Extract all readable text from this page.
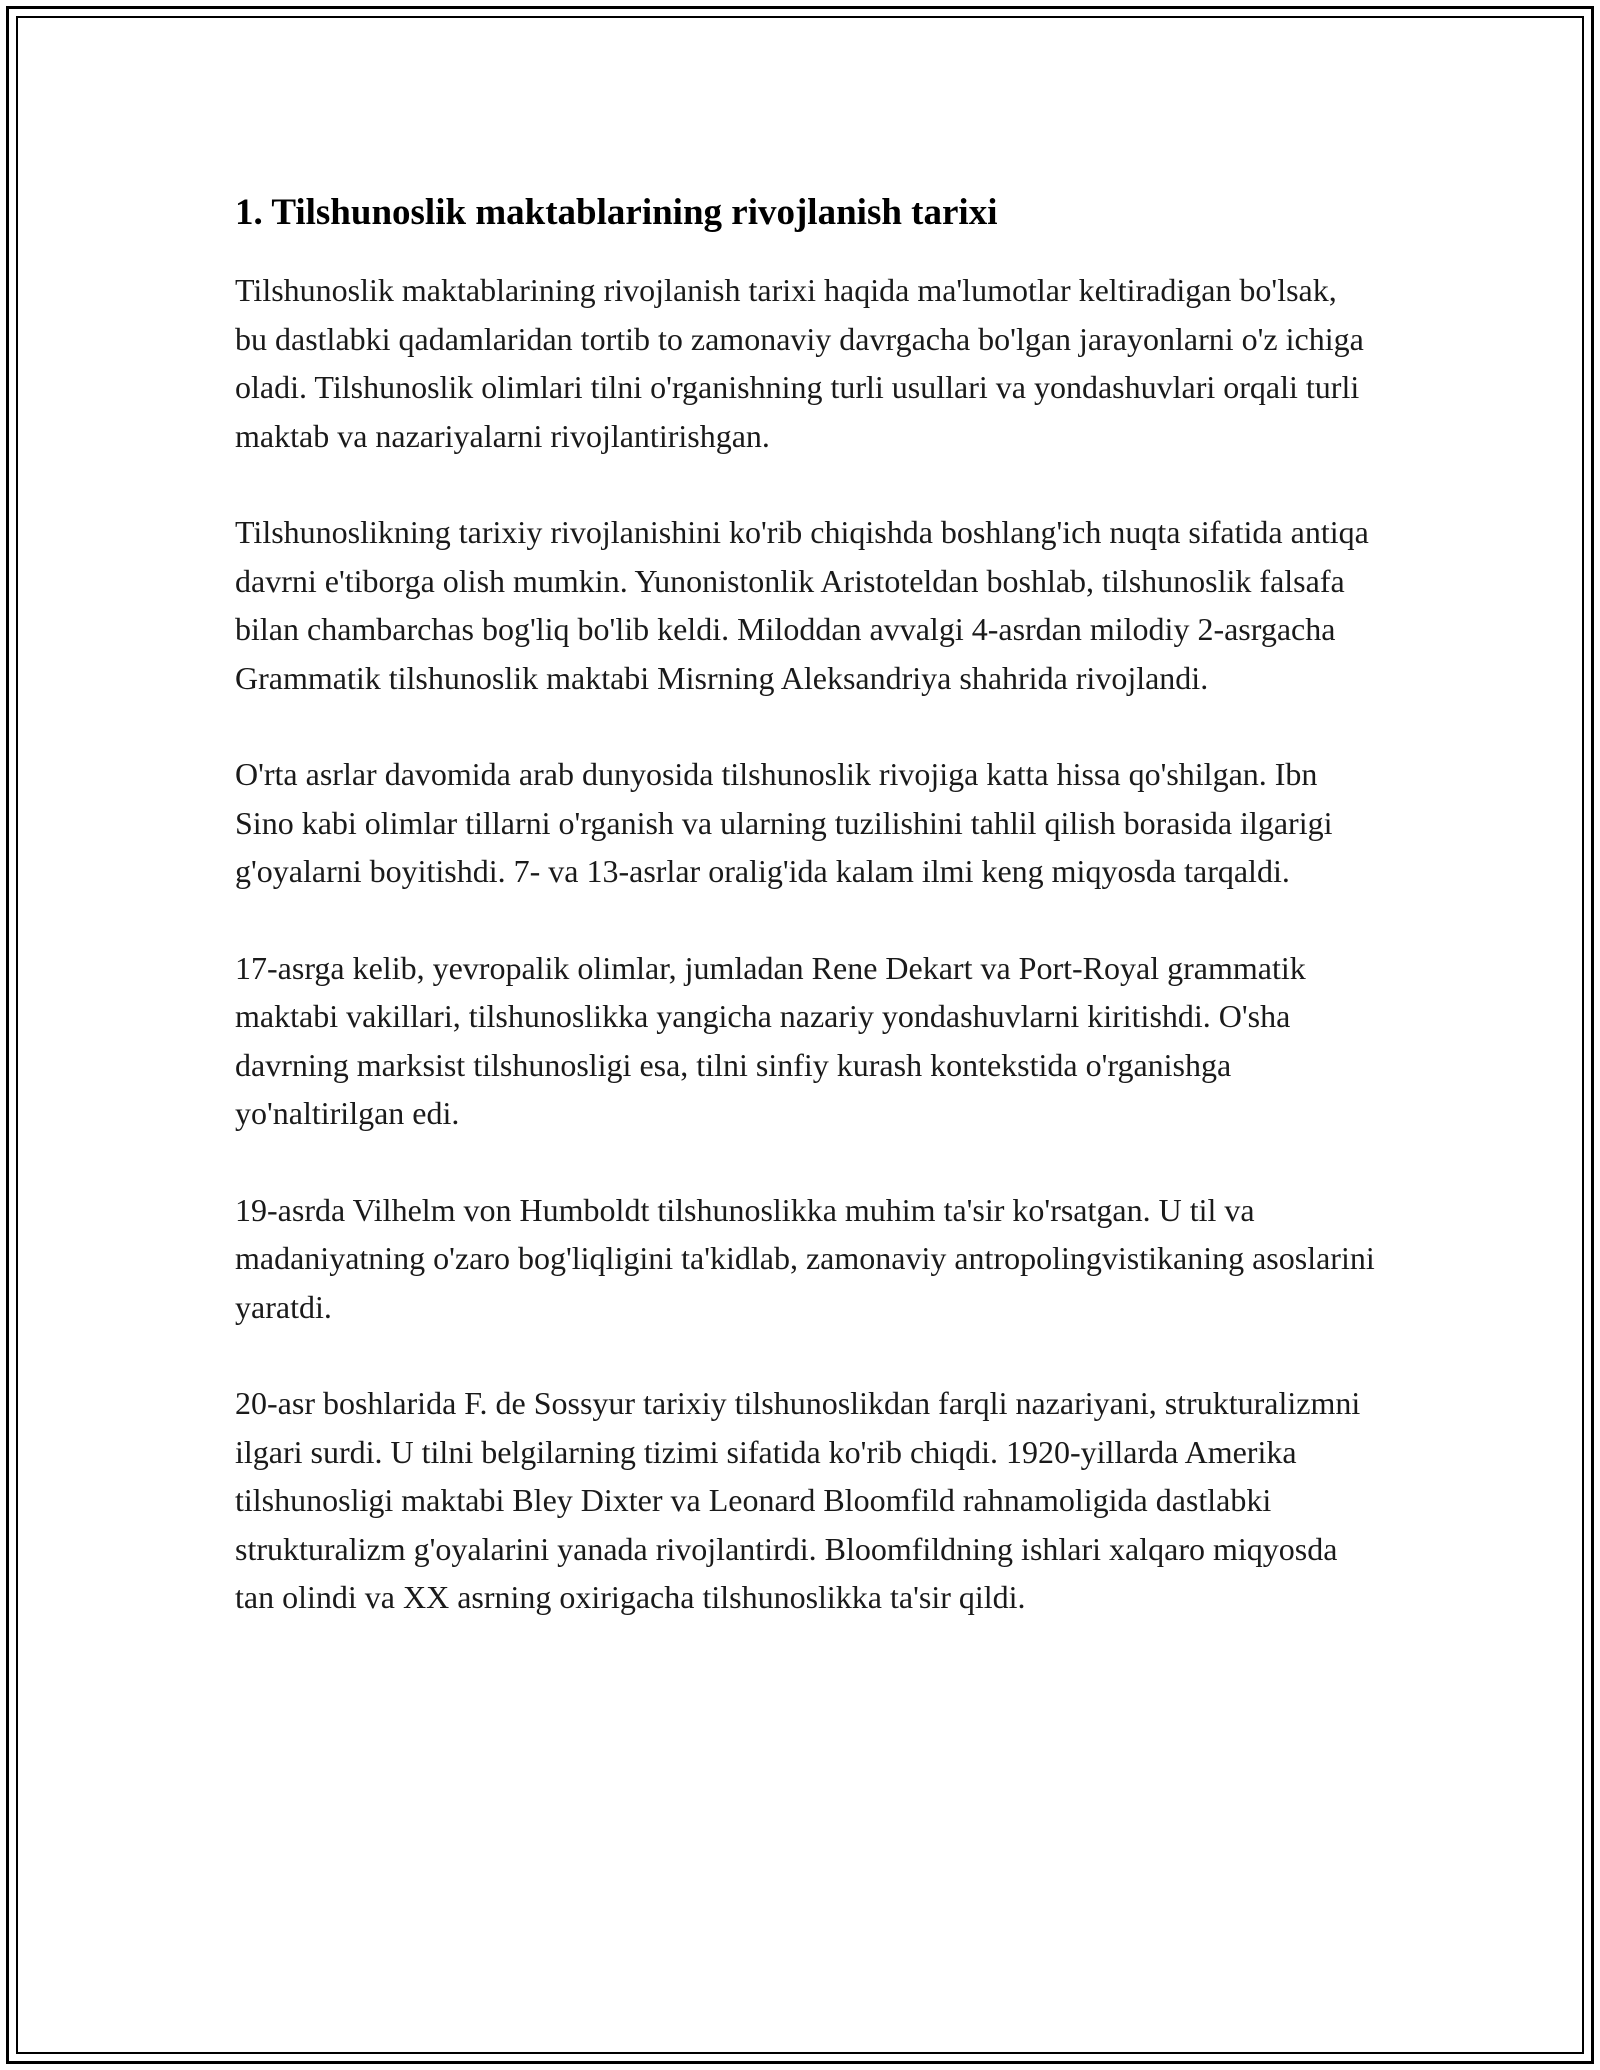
1. Tilshunoslik maktablarining rivojlanish tarixi

Tilshunoslik maktablarining rivojlanish tarixi haqida ma'lumotlar keltiradigan bo'lsak, bu dastlabki qadamlaridan tortib to zamonaviy davrgacha bo'lgan jarayonlarni o'z ichiga oladi. Tilshunoslik olimlari tilni o'rganishning turli usullari va yondashuvlari orqali turli maktab va nazariyalarni rivojlantirishgan.

Tilshunoslikning tarixiy rivojlanishini ko'rib chiqishda boshlang'ich nuqta sifatida antiqa davrni e'tiborga olish mumkin. Yunonistonlik Aristoteldan boshlab, tilshunoslik falsafa bilan chambarchas bog'liq bo'lib keldi. Miloddan avvalgi 4-asrdan milodiy 2-asrgacha Grammatik tilshunoslik maktabi Misrning Aleksandriya shahrida rivojlandi.

O'rta asrlar davomida arab dunyosida tilshunoslik rivojiga katta hissa qo'shilgan. Ibn Sino kabi olimlar tillarni o'rganish va ularning tuzilishini tahlil qilish borasida ilgarigi g'oyalarni boyitishdi. 7- va 13-asrlar oralig'ida kalam ilmi keng miqyosda tarqaldi.

17-asrga kelib, yevropalik olimlar, jumladan Rene Dekart va Port-Royal grammatik maktabi vakillari, tilshunoslikka yangicha nazariy yondashuvlarni kiritishdi. O'sha davrning marksist tilshunosligi esa, tilni sinfiy kurash kontekstida o'rganishga yo'naltirilgan edi.

19-asrda Vilhelm von Humboldt tilshunoslikka muhim ta'sir ko'rsatgan. U til va madaniyatning o'zaro bog'liqligini ta'kidlab, zamonaviy antropolingvistikaning asoslarini yaratdi.

20-asr boshlarida F. de Sossyur tarixiy tilshunoslikdan farqli nazariyani, strukturalizmni ilgari surdi. U tilni belgilarning tizimi sifatida ko'rib chiqdi. 1920-yillarda Amerika tilshunosligi maktabi Bley Dixter va Leonard Bloomfild rahnamoligida dastlabki strukturalizm g'oyalarini yanada rivojlantirdi. Bloomfildning ishlari xalqaro miqyosda tan olindi va XX asrning oxirigacha tilshunoslikka ta'sir qildi.
